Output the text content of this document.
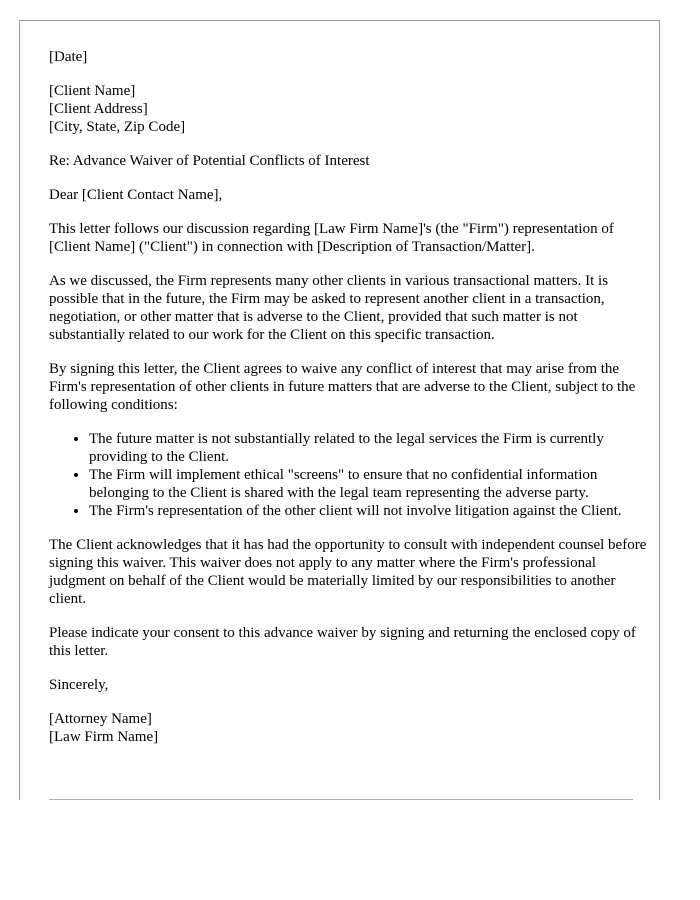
[Date]

[Client Name]
[Client Address]
[City, State, Zip Code]

Re: Advance Waiver of Potential Conflicts of Interest

Dear [Client Contact Name],

This letter follows our discussion regarding [Law Firm Name]'s (the "Firm") representation of [Client Name] ("Client") in connection with [Description of Transaction/Matter].

As we discussed, the Firm represents many other clients in various transactional matters. It is possible that in the future, the Firm may be asked to represent another client in a transaction, negotiation, or other matter that is adverse to the Client, provided that such matter is not substantially related to our work for the Client on this specific transaction.

By signing this letter, the Client agrees to waive any conflict of interest that may arise from the Firm's representation of other clients in future matters that are adverse to the Client, subject to the following conditions:

• The future matter is not substantially related to the legal services the Firm is currently providing to the Client.
• The Firm will implement ethical "screens" to ensure that no confidential information belonging to the Client is shared with the legal team representing the adverse party.
• The Firm's representation of the other client will not involve litigation against the Client.

The Client acknowledges that it has had the opportunity to consult with independent counsel before signing this waiver. This waiver does not apply to any matter where the Firm's professional judgment on behalf of the Client would be materially limited by our responsibilities to another client.

Please indicate your consent to this advance waiver by signing and returning the enclosed copy of this letter.

Sincerely,

[Attorney Name]
[Law Firm Name]
